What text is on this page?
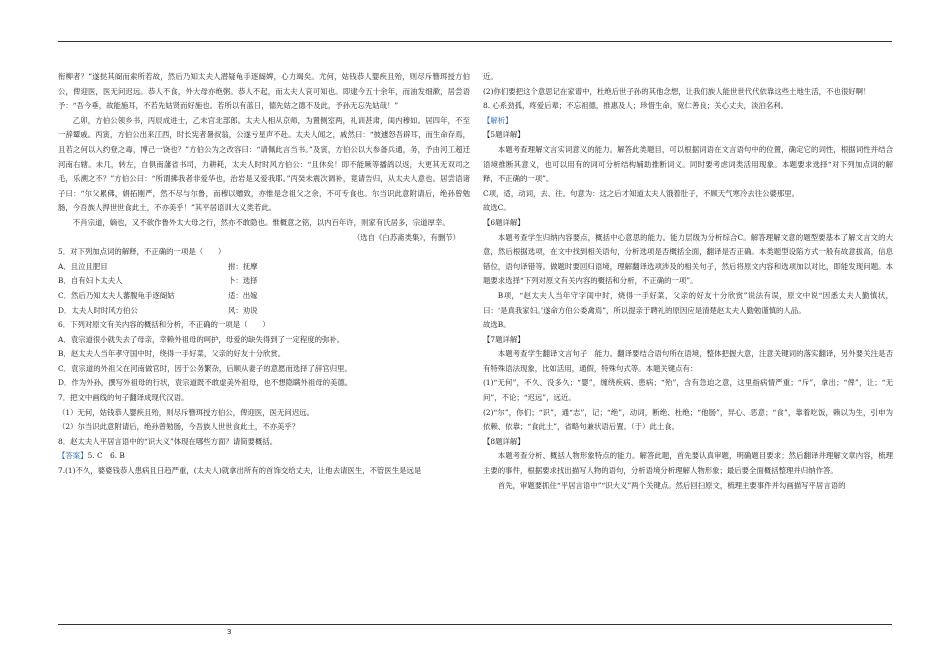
衔柳者？”遂挞其阍而索所若故，然后乃知太夫人潜疑龟手逐阍婢，心力竭矣。尤何，姑钱恭人婴疾且殆，则尽斥簪珥授方伯公，俾迎医，医无问迟远。恭人不食，外大母亦绝粥。恭人不起，而太夫人哀可知也。即逮今五十余年，而油发细漱，居尝语予：“吾今垂，故能施耳，不若先姑贤而好施也。若所以有蓝日，德先姑之德不及此，予孙无忘先姑哉！”

乙卯，方伯公领乡书，丙辰成进士，乙未官北部郎。太夫人相从京师，为置侧室两，礼训甚肃，闺内穆如。居四年，不至一辞颦戚。丙寅，方伯公出来江西，时长宪者暑叔翁，公遂亏星声不赴。太夫人闻之，戚然曰：“彼遽怒吾辟耳，而生命存焉，且若之何以入约登之毒，博己一饶也？”方伯公为之改容曰：“请佩此言当书。”及寅，方伯公以大参备兵通，务，予由河工超迁河南右辖。未几，转左，自俱南藩省书司，力耕耗，太夫人时时风方伯公：“且休矣！即不能厥等播鸽以返，大更其无双司之毛，乐溯之不？”方伯公曰：“所谓拂我者非爱华也，治岩是又爱我耶。”丙癸未震次调补，竟请告归，从太夫人意也。居尝语诸子曰：“尔父累佛，娟拓刚严，然不尽与尔鲁，而穆以赠致，亦惟是念祖父之余，不可专食也。尔当识此意附请后，绝孙曾勉肠，今吾族人捍世世食此土，不亦美乎！”其平居语训大义类若此。

不肖宗道，嫡也，又不欲作鲁外太大母之行，然亦不敢隐也。惟概意之铭，以内百年许，则家有氏居多，宗道厚幸。

（选自《白苏斋类集》，有删节）

5．对下列加点词的解释，不正确的一项是（　　）

A．且泣且肥目	拊：抚摩
B．自有妇卜太夫人	卜：选择
C．然后乃知太夫人蕃腹龟手逐阍姑	适：出嫁
D．太夫人时时风方伯公	风：劝说

6．下列对原文有关内容的概括和分析，不正确的一项是（　　）

A．袁宗道很小就失去了母亲，幸赖外祖母的呵护，母爱的缺失得到了一定程度的弥补。

B．赵太夫人当年孝守国中时，绕得一手好菜，父亲的好友十分欣赏。

C．袁宗道的外祖父在河南做官时，因于公务繁杂，后顺从妻子的意愿而选择了辞官归里。

D．作为外孙，撰写外祖母的行状，袁宗道既不敢虚美外祖母，也不想隐瞒外祖母的美德。

7．把文中画线的句子翻译成现代汉语。

（1）无何，姑钱恭人婴疾且殆，则尽斥簪珥授方伯公，俾迎医，医无问迟远。

（2）尔当识此意附请后，绝孙曾勉肠，今吾族人世世食此土，不亦美乎？

8．赵太夫人平居言语中的“识大义”体现在哪些方面？请简要概括。

【答案】5. C　6. B

7.(1)不久，婆婆钱恭人患病且日趋严重，(太夫人)就拿出所有的首饰交给丈夫，让他去请医生，不管医生是远是

近。

(2)你们要把这个意思记在家谱中，杜绝后世子孙的其他念想，让我们族人能世世代代依靠这些土地生活，不也很好啊！

8. 心系劲孤，疼爱后辈；不忘祖德，推惠及人；珍惜生命，宽仁善良；关心丈夫，淡泊名利。

【解析】

【5题详解】

本题考查理解文言实词意义的能力。解答此类题目，可以根据词语在文言语句中的位置，确定它的词性，根据词性并结合语境推断其意义，也可以用有的词可分析结构辅助推断词义。同时要考虑词类活用现象。本题要求选择“对下列加点词的解释，不正确的一项”。

C项，适，动词，去、往。句意为：这之后才知道太夫人饿着肚子，不顾天气寒冷去往公婆那里。

故选C。

【6题详解】

本题考查学生归纳内容要点，概括中心意思的能力。能力层级为分析综合C。解答理解文意的题型要基本了解文言文的大意，然后根据选项，在文中找到相关语句，分析选项是否概括全面，翻译是否正确。本类题型设陷方式一般有故意拔高，信息错位，语句译错等。做题时要回归语境，理解翻译选项涉及的相关句子，然后将原文内容和选项加以对比，即能发现问题。本题要求选择“下列对原文有关内容的概括和分析，不正确的一项”。

B项，“赵太夫人当年守字闺中时，烧得一手好菜，父亲的好友十分欣赏”说法有误，原文中说“因悉太夫人勤慎状，曰：‘是真我家妇。’遂命方伯公委禽焉”，所以提亲于聘礼的原因应是清楚赵太夫人勤勉谨慎的人品。

故选B。

【7题详解】

本题考查学生翻译文言句子　能力。翻译要结合语句所在语境，整体把握大意，注意关键词的落实翻译，另外要关注是否有特殊语法现象，比如活用，通假，特殊句式等。本题关键点有：

(1)“无何”，不久、没多久；“婴”，缠绕疾病、患病；“殆”，含有急迫之意，这里指病情严重；“斥”，拿出；“俾”，让；“无问”，不论；“迟远”，远近。

(2)“尔”，你们；“识”，通“志”，记；“绝”，动词，断绝、杜绝；“他肠”，异心、恶意；“食”，靠着吃饭，赖以为生，引申为依赖、依靠；“食此土”，省略句兼状语后置。（于）此土食。

【8题详解】

本题考查分析、概括人物形象特点的能力。解答此题，首先要认真审题，明确题目要求；然后翻译并理解文章内容，梳理主要的事件，根据要求找出描写人物的语句，分析语境分析理解人物形象；最后要全面概括整理并归纳作答。

首先，审题要抓住“平居言语中”“识大义”两个关键点。然后回扫原文，梳理主要事件并勾画描写平居言语的

3
